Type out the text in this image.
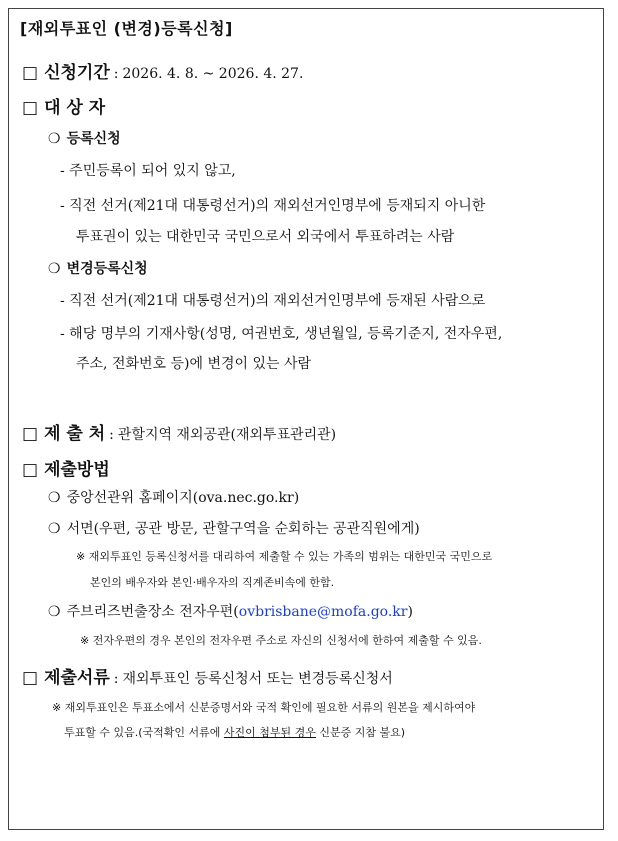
[재외투표인 (변경)등록신청]
□ 신청기간 : 2026. 4. 8. ~ 2026. 4. 27.
□ 대 상 자
❍ 등록신청
- 주민등록이 되어 있지 않고,
- 직전 선거(제21대 대통령선거)의 재외선거인명부에 등재되지 아니한
투표권이 있는 대한민국 국민으로서 외국에서 투표하려는 사람
❍ 변경등록신청
- 직전 선거(제21대 대통령선거)의 재외선거인명부에 등재된 사람으로
- 해당 명부의 기재사항(성명, 여권번호, 생년월일, 등록기준지, 전자우편,
주소, 전화번호 등)에 변경이 있는 사람
□ 제 출 처 : 관할지역 재외공관(재외투표관리관)
□ 제출방법
❍ 중앙선관위 홈페이지(ova.nec.go.kr)
❍ 서면(우편, 공관 방문, 관할구역을 순회하는 공관직원에게)
※ 재외투표인 등록신청서를 대리하여 제출할 수 있는 가족의 범위는 대한민국 국민으로
본인의 배우자와 본인·배우자의 직계존비속에 한함.
❍ 주브리즈번출장소 전자우편(ovbrisbane@mofa.go.kr)
※ 전자우편의 경우 본인의 전자우편 주소로 자신의 신청서에 한하여 제출할 수 있음.
□ 제출서류 : 재외투표인 등록신청서 또는 변경등록신청서
※ 재외투표인은 투표소에서 신분증명서와 국적 확인에 필요한 서류의 원본을 제시하여야
투표할 수 있음.(국적확인 서류에 사진이 첨부된 경우 신분증 지참 불요)
